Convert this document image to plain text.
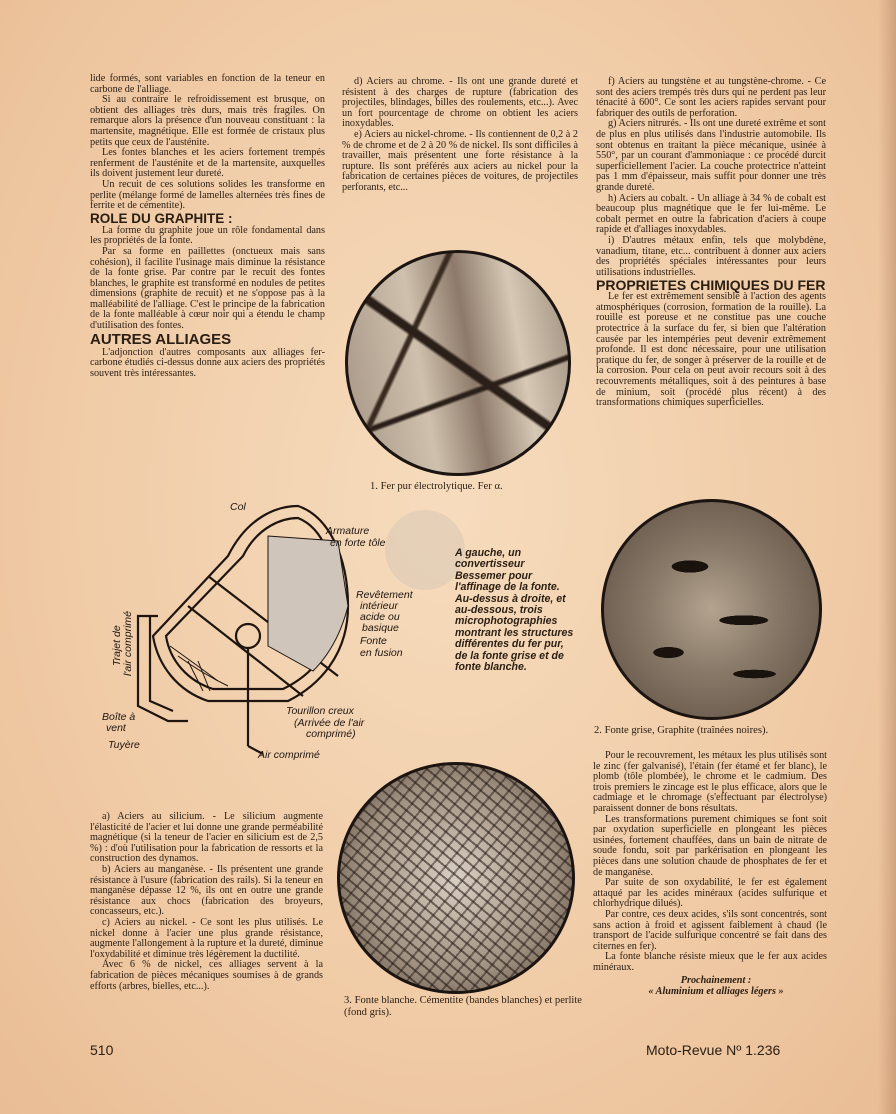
lide formés, sont variables en fonction de la teneur en carbone de l'alliage.

Si au contraire le refroidissement est brusque, on obtient des alliages très durs, mais très fragiles. On remarque alors la présence d'un nouveau constituant : la martensite, magnétique. Elle est formée de cristaux plus petits que ceux de l'austénite.

Les fontes blanches et les aciers fortement trempés renferment de l'austénite et de la martensite, auxquelles ils doivent justement leur dureté.

Un recuit de ces solutions solides les transforme en perlite (mélange formé de lamelles alternées très fines de ferrite et de cémentite).

ROLE DU GRAPHITE :

La forme du graphite joue un rôle fondamental dans les propriétés de la fonte.

Par sa forme en paillettes (onctueux mais sans cohésion), il facilite l'usinage mais diminue la résistance de la fonte grise. Par contre par le recuit des fontes blanches, le graphite est transformé en nodules de petites dimensions (graphite de recuit) et ne s'oppose pas à la malléabilité de l'alliage. C'est le principe de la fabrication de la fonte malléable à cœur noir qui a étendu le champ d'utilisation des fontes.

AUTRES ALLIAGES

L'adjonction d'autres composants aux alliages fer-carbone étudiés ci-dessus donne aux aciers des propriétés souvent très intéressantes.

d) Aciers au chrome. - Ils ont une grande dureté et résistent à des charges de rupture (fabrication des projectiles, blindages, billes des roulements, etc...). Avec un fort pourcentage de chrome on obtient les aciers inoxydables.

e) Aciers au nickel-chrome. - Ils contiennent de 0,2 à 2 % de chrome et de 2 à 20 % de nickel. Ils sont difficiles à travailler, mais présentent une forte résistance à la rupture. Ils sont préférés aux aciers au nickel pour la fabrication de certaines pièces de voitures, de projectiles perforants, etc...

f) Aciers au tungstène et au tungstène-chrome. - Ce sont des aciers trempés très durs qui ne perdent pas leur ténacité à 600°. Ce sont les aciers rapides servant pour fabriquer des outils de perforation.

g) Aciers nitrurés. - Ils ont une dureté extrême et sont de plus en plus utilisés dans l'industrie automobile. Ils sont obtenus en traitant la pièce mécanique, usinée à 550°, par un courant d'ammoniaque : ce procédé durcit superficiellement l'acier. La couche protectrice n'atteint pas 1 mm d'épaisseur, mais suffit pour donner une très grande dureté.

h) Aciers au cobalt. - Un alliage à 34 % de cobalt est beaucoup plus magnétique que le fer lui-même. Le cobalt permet en outre la fabrication d'aciers à coupe rapide et d'alliages inoxydables.

i) D'autres métaux enfin, tels que molybdène, vanadium, titane, etc... contribuent à donner aux aciers des propriétés spéciales intéressantes pour leurs utilisations industrielles.

PROPRIETES CHIMIQUES DU FER

Le fer est extrêmement sensible à l'action des agents atmosphériques (corrosion, formation de la rouille). La rouille est poreuse et ne constitue pas une couche protectrice à la surface du fer, si bien que l'altération causée par les intempéries peut devenir extrêmement profonde. Il est donc nécessaire, pour une utilisation pratique du fer, de songer à préserver de la rouille et de la corrosion. Pour cela on peut avoir recours soit à des recouvrements métalliques, soit à des peintures à base de minium, soit (procédé plus récent) à des transformations chimiques superficielles.

1. Fer pur électrolytique. Fer α.
2. Fonte grise, Graphite (traînées noires).
3. Fonte blanche. Cémentite (bandes blanches) et perlite (fond gris).
Col
Armature
en forte tôle
Revêtement
intérieur
acide ou
basique
Fonte
en fusion
Trajet de l'air comprimé
Boîte à
vent
Tuyère
Tourillon creux
(Arrivée de l'air
comprimé)
Air comprimé
A gauche, un convertisseur Bessemer pour l'affinage de la fonte. Au-dessus à droite, et au-dessous, trois microphotographies montrant les structures différentes du fer pur, de la fonte grise et de fonte blanche.

a) Aciers au silicium. - Le silicium augmente l'élasticité de l'acier et lui donne une grande perméabilité magnétique (si la teneur de l'acier en silicium est de 2,5 %) : d'où l'utilisation pour la fabrication de ressorts et la construction des dynamos.

b) Aciers au manganèse. - Ils présentent une grande résistance à l'usure (fabrication des rails). Si la teneur en manganèse dépasse 12 %, ils ont en outre une grande résistance aux chocs (fabrication des broyeurs, concasseurs, etc.).

c) Aciers au nickel. - Ce sont les plus utilisés. Le nickel donne à l'acier une plus grande résistance, augmente l'allongement à la rupture et la dureté, diminue l'oxydabilité et diminue très légèrement la ductilité.

Avec 6 % de nickel, ces alliages servent à la fabrication de pièces mécaniques soumises à de grands efforts (arbres, bielles, etc...).

Pour le recouvrement, les métaux les plus utilisés sont le zinc (fer galvanisé), l'étain (fer étamé et fer blanc), le plomb (tôle plombée), le chrome et le cadmium. Des trois premiers le zincage est le plus efficace, alors que le cadmiage et le chromage (s'effectuant par électrolyse) paraissent donner de bons résultats.

Les transformations purement chimiques se font soit par oxydation superficielle en plongeant les pièces usinées, fortement chauffées, dans un bain de nitrate de soude fondu, soit par parkérisation en plongeant les pièces dans une solution chaude de phosphates de fer et de manganèse.

Par suite de son oxydabilité, le fer est également attaqué par les acides minéraux (acides sulfurique et chlorhydrique dilués).

Par contre, ces deux acides, s'ils sont concentrés, sont sans action à froid et agissent faiblement à chaud (le transport de l'acide sulfurique concentré se fait dans des citernes en fer).

La fonte blanche résiste mieux que le fer aux acides minéraux.

Prochainement :

« Aluminium et alliages légers »

510	Moto-Revue Nº 1.236
